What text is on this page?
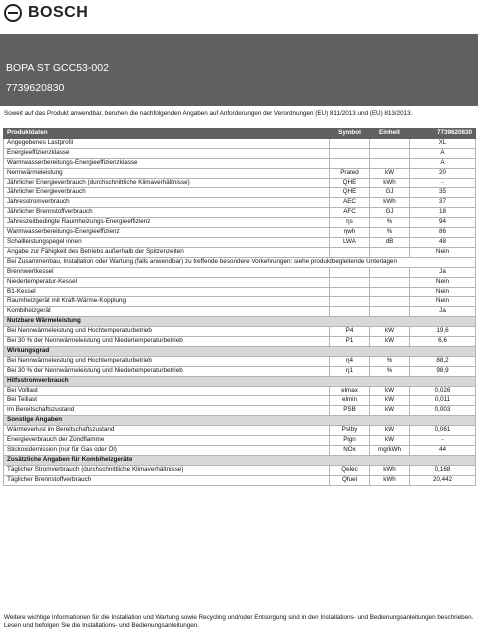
BOSCH
BOPA ST GCC53-002
7739620830
Soweit auf das Produkt anwendbar, beruhen die nachfolgenden Angaben auf Anforderungen der Verordnungen (EU) 811/2013 und (EU) 813/2013.
Produktdaten	Symbol	Einheit	7739620830
Angegebenes Lastprofil			XL
Energieeffizienzklasse			A
Warmwasserbereitungs-Energieeffizienzklasse			A
Nennwärmeleistung	Prated	kW	20
Jährlicher Energieverbrauch (durchschnittliche Klimaverhältnisse)	QHE	kWh	-
Jährlicher Energieverbrauch	QHE	GJ	35
Jahresstromverbrauch	AEC	kWh	37
Jährlicher Brennstoffverbrauch	AFC	GJ	18
Jahreszeitbedingte Raumheizungs-Energieeffizienz	ηs	%	94
Warmwasserbereitungs-Energieeffizienz	ηwh	%	86
Schallleistungspegel innen	LWA	dB	48
Angabe zur Fähigkeit des Betriebs außerhalb der Spitzenzeiten			Nein
Bei Zusammenbau, Installation oder Wartung (falls anwendbar) zu treffende besondere Vorkehrungen: siehe produktbegleitende Unterlagen			
Brennwertkessel			Ja
Niedertemperatur-Kessel			Nein
B1-Kessel			Nein
Raumheizgerät mit Kraft-Wärme-Kopplung			Nein
Kombiheizgerät			Ja
Nutzbare Wärmeleistung			
Bei Nennwärmeleistung und Hochtemperaturbetrieb	P4	kW	19,6
Bei 30 % der Nennwärmeleistung und Niedertemperaturbetrieb	P1	kW	6,6
Wirkungsgrad			
Bei Nennwärmeleistung und Hochtemperaturbetrieb	η4	%	88,2
Bei 30 % der Nennwärmeleistung und Niedertemperaturbetrieb	η1	%	98,9
Hilfsstromverbrauch			
Bei Volllast	elmax	kW	0,026
Bei Teillast	elmin	kW	0,011
Im Bereitschaftszustand	PSB	kW	0,003
Sonstige Angaben			
Wärmeverlust im Bereitschaftszustand	Pstby	kW	0,061
Energieverbrauch der Zündflamme	Pign	kW	-
Stickoxidemission (nur für Gas oder Öl)	NOx	mg/kWh	44
Zusätzliche Angaben für Kombiheizgeräte			
Täglicher Stromverbrauch (durchschnittliche Klimaverhältnisse)	Qelec	kWh	0,168
Täglicher Brennstoffverbrauch	Qfuel	kWh	20,442
Weitere wichtige Informationen für die Installation und Wartung sowie Recycling und/oder Entsorgung sind in den Installations- und Bedienungsanleitungen beschrieben. Lesen und befolgen Sie die Installations- und Bedienungsanleitungen.
